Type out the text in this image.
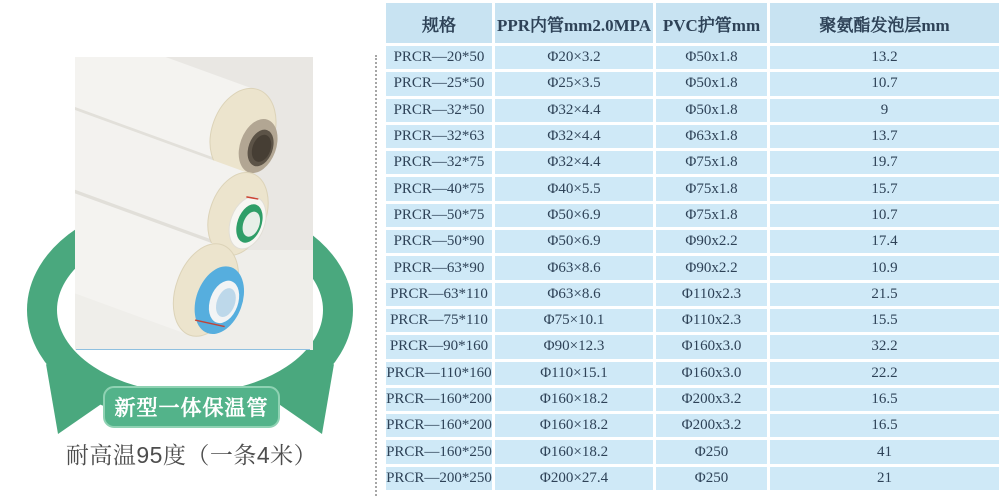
新型一体保温管
耐高温95度（一条4米）
规格	PPR内管mm2.0MPA	PVC护管mm	聚氨酯发泡层mm
PRCR—20*50	Φ20×3.2	Φ50x1.8	13.2
PRCR—25*50	Φ25×3.5	Φ50x1.8	10.7
PRCR—32*50	Φ32×4.4	Φ50x1.8	9
PRCR—32*63	Φ32×4.4	Φ63x1.8	13.7
PRCR—32*75	Φ32×4.4	Φ75x1.8	19.7
PRCR—40*75	Φ40×5.5	Φ75x1.8	15.7
PRCR—50*75	Φ50×6.9	Φ75x1.8	10.7
PRCR—50*90	Φ50×6.9	Φ90x2.2	17.4
PRCR—63*90	Φ63×8.6	Φ90x2.2	10.9
PRCR—63*110	Φ63×8.6	Φ110x2.3	21.5
PRCR—75*110	Φ75×10.1	Φ110x2.3	15.5
PRCR—90*160	Φ90×12.3	Φ160x3.0	32.2
PRCR—110*160	Φ110×15.1	Φ160x3.0	22.2
PRCR—160*200	Φ160×18.2	Φ200x3.2	16.5
PRCR—160*200	Φ160×18.2	Φ200x3.2	16.5
PRCR—160*250	Φ160×18.2	Φ250	41
PRCR—200*250	Φ200×27.4	Φ250	21
